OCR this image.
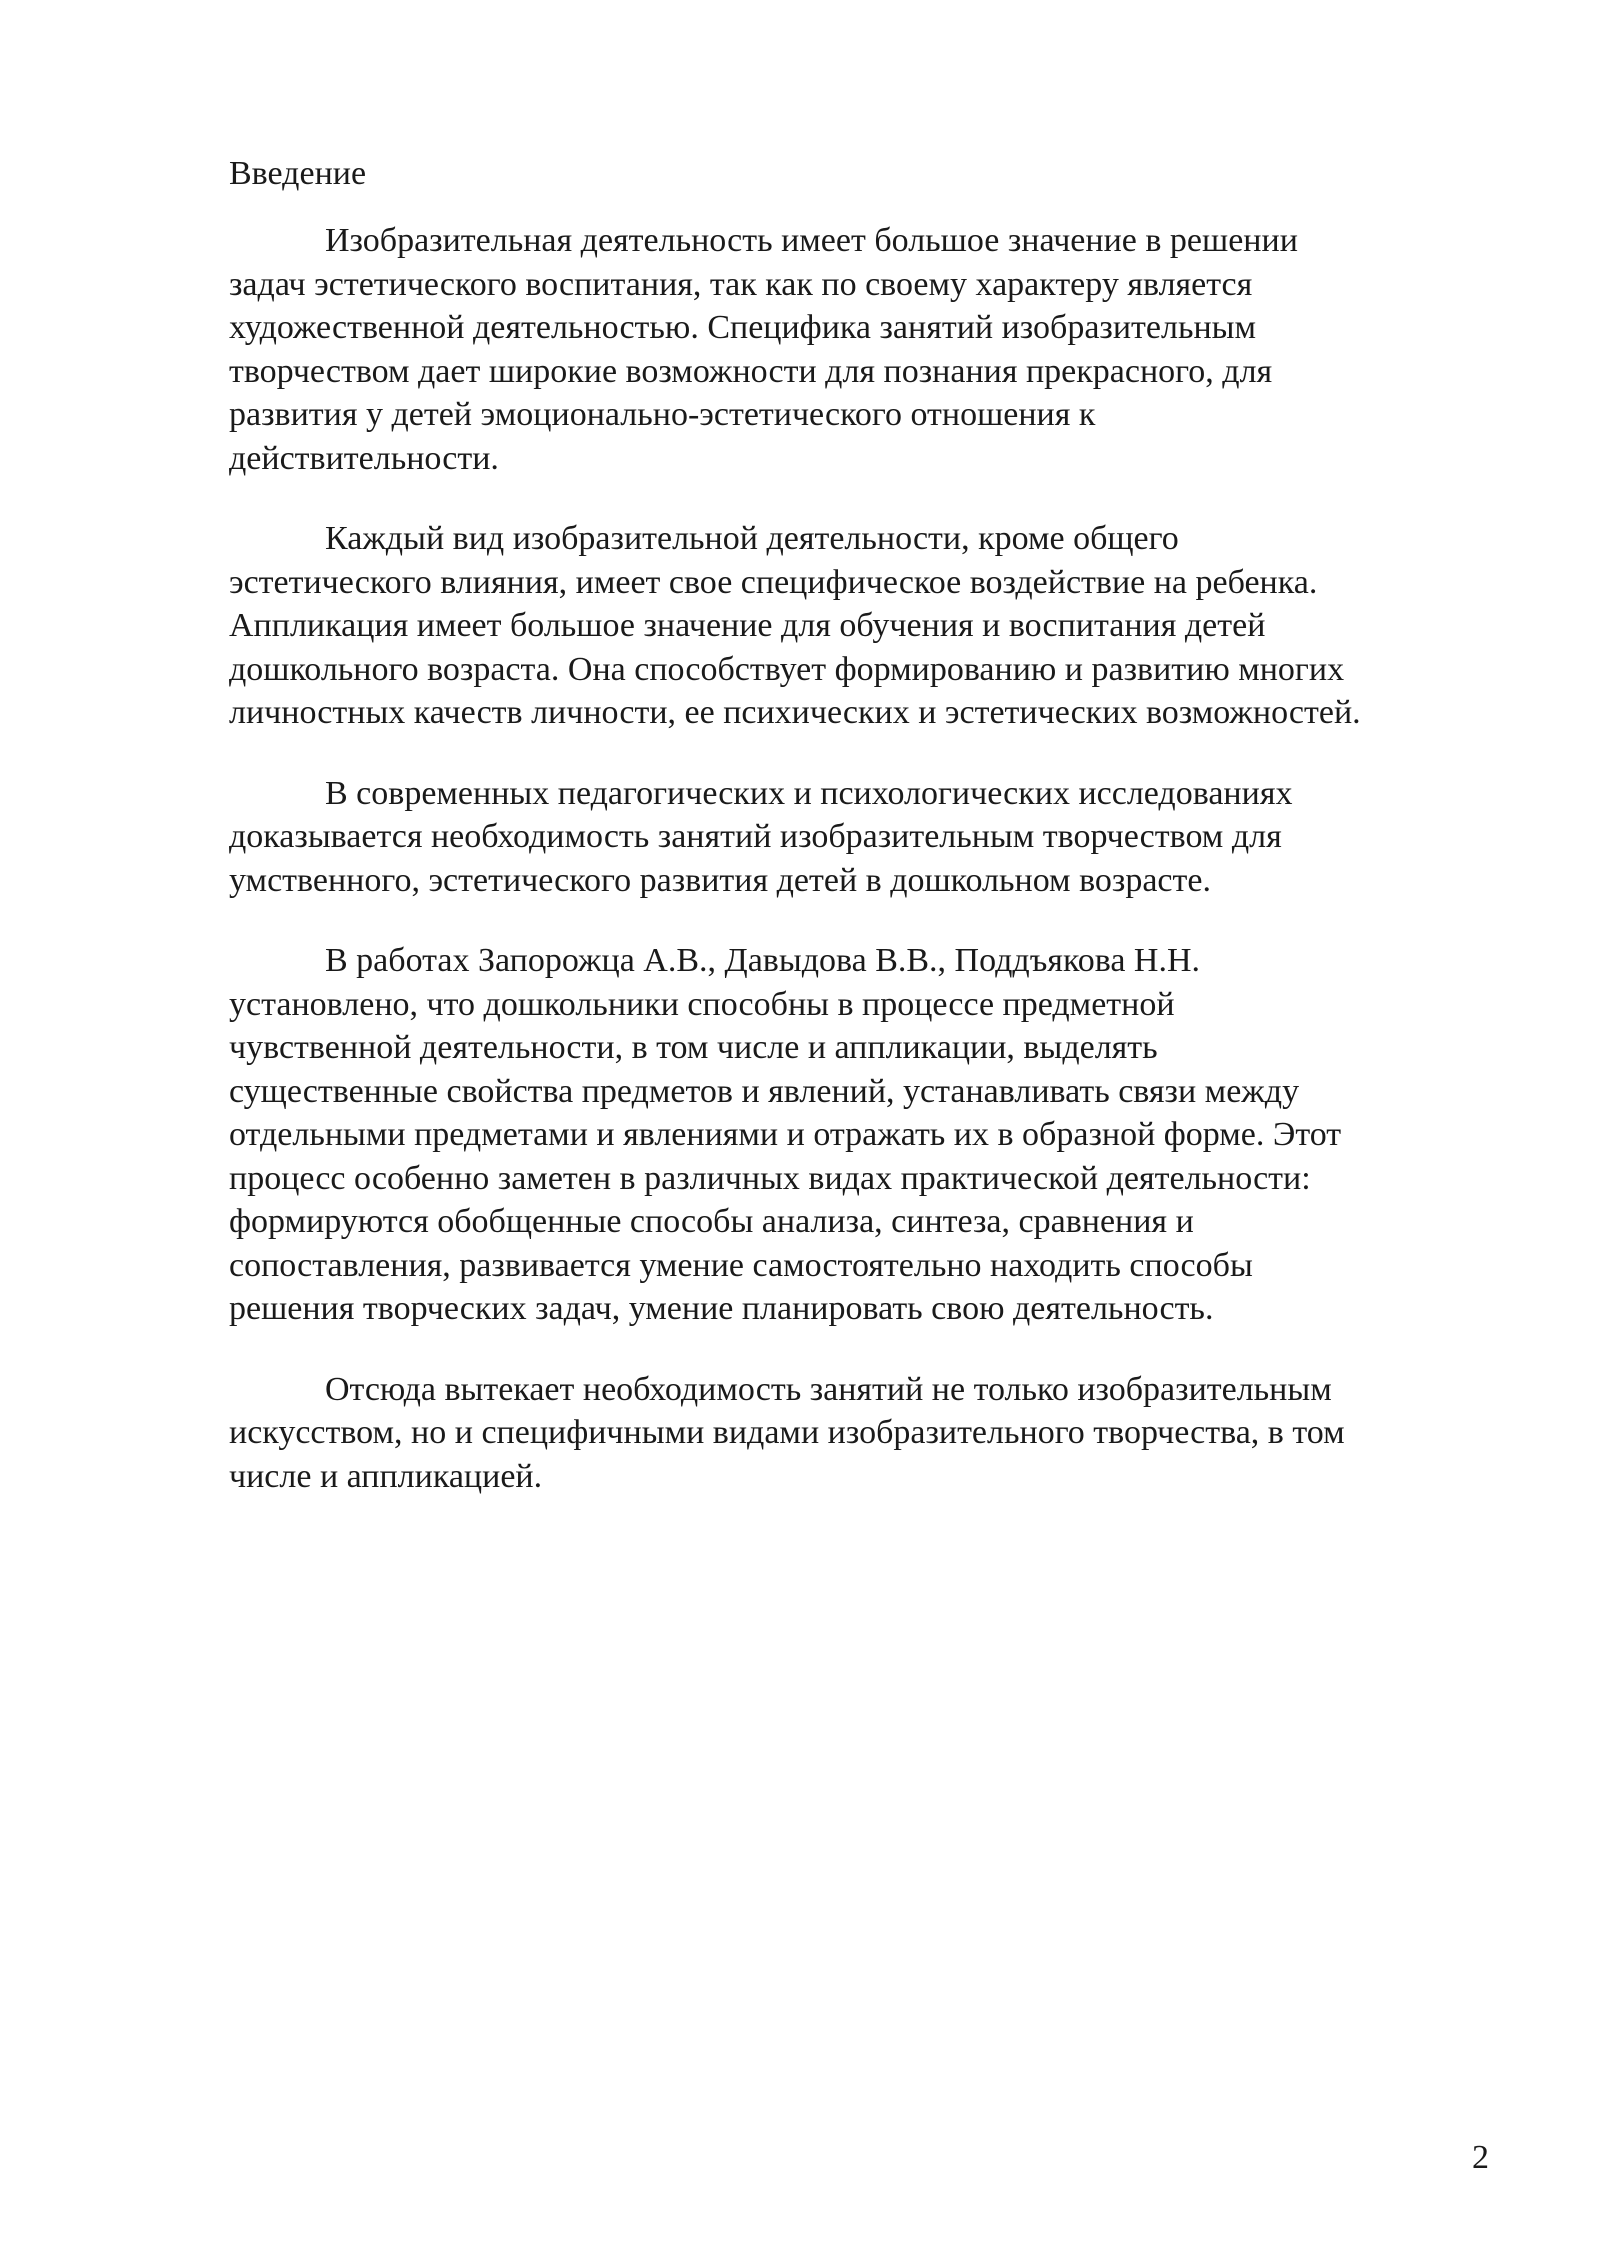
Введение

Изобразительная деятельность имеет большое значение в решении
задач эстетического воспитания, так как по своему характеру является
художественной деятельностью. Специфика занятий изобразительным
творчеством дает широкие возможности для познания прекрасного, для
развития у детей эмоционально-эстетического отношения к
действительности.

Каждый вид изобразительной деятельности, кроме общего
эстетического влияния, имеет свое специфическое воздействие на ребенка.
Аппликация имеет большое значение для обучения и воспитания детей
дошкольного возраста. Она способствует формированию и развитию многих
личностных качеств личности, ее психических и эстетических возможностей.

В современных педагогических и психологических исследованиях
доказывается необходимость занятий изобразительным творчеством для
умственного, эстетического развития детей в дошкольном возрасте.

В работах Запорожца А.В., Давыдова В.В., Поддъякова Н.Н.
установлено, что дошкольники способны в процессе предметной
чувственной деятельности, в том числе и аппликации, выделять
существенные свойства предметов и явлений, устанавливать связи между
отдельными предметами и явлениями и отражать их в образной форме. Этот
процесс особенно заметен в различных видах практической деятельности:
формируются обобщенные способы анализа, синтеза, сравнения и
сопоставления, развивается умение самостоятельно находить способы
решения творческих задач, умение планировать свою деятельность.

Отсюда вытекает необходимость занятий не только изобразительным
искусством, но и специфичными видами изобразительного творчества, в том
числе и аппликацией.

2
